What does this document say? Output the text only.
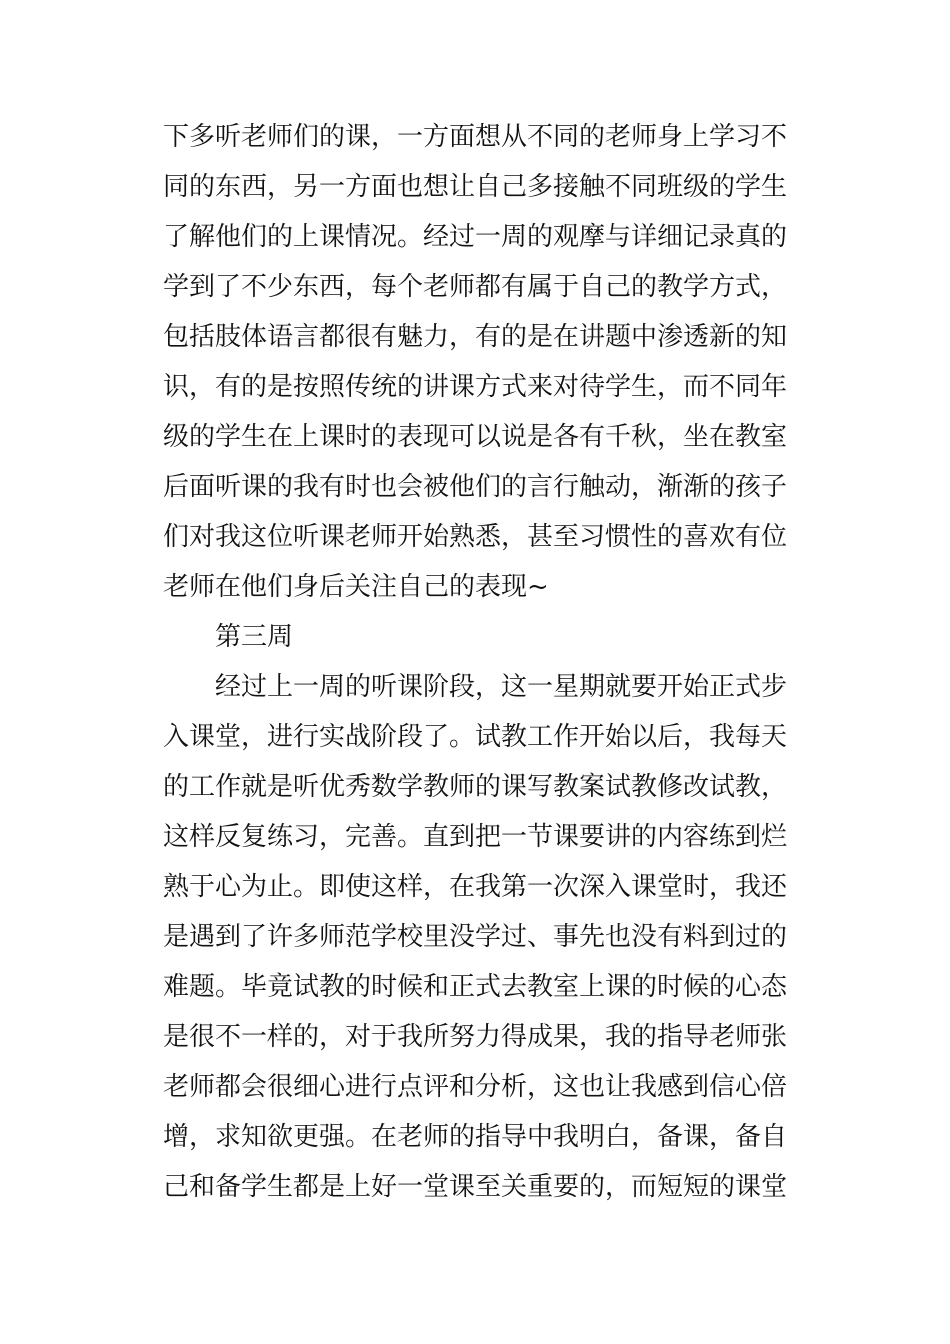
下多听老师们的课，一方面想从不同的老师身上学习不
同的东西，另一方面也想让自己多接触不同班级的学生
了解他们的上课情况。经过一周的观摩与详细记录真的
学到了不少东西，每个老师都有属于自己的教学方式，
包括肢体语言都很有魅力，有的是在讲题中渗透新的知
识，有的是按照传统的讲课方式来对待学生，而不同年
级的学生在上课时的表现可以说是各有千秋，坐在教室
后面听课的我有时也会被他们的言行触动，渐渐的孩子
们对我这位听课老师开始熟悉，甚至习惯性的喜欢有位
老师在他们身后关注自己的表现~
第三周
经过上一周的听课阶段，这一星期就要开始正式步
入课堂，进行实战阶段了。试教工作开始以后，我每天
的工作就是听优秀数学教师的课写教案试教修改试教，
这样反复练习，完善。直到把一节课要讲的内容练到烂
熟于心为止。即使这样，在我第一次深入课堂时，我还
是遇到了许多师范学校里没学过、事先也没有料到过的
难题。毕竟试教的时候和正式去教室上课的时候的心态
是很不一样的，对于我所努力得成果，我的指导老师张
老师都会很细心进行点评和分析，这也让我感到信心倍
增，求知欲更强。在老师的指导中我明白，备课，备自
己和备学生都是上好一堂课至关重要的，而短短的课堂
